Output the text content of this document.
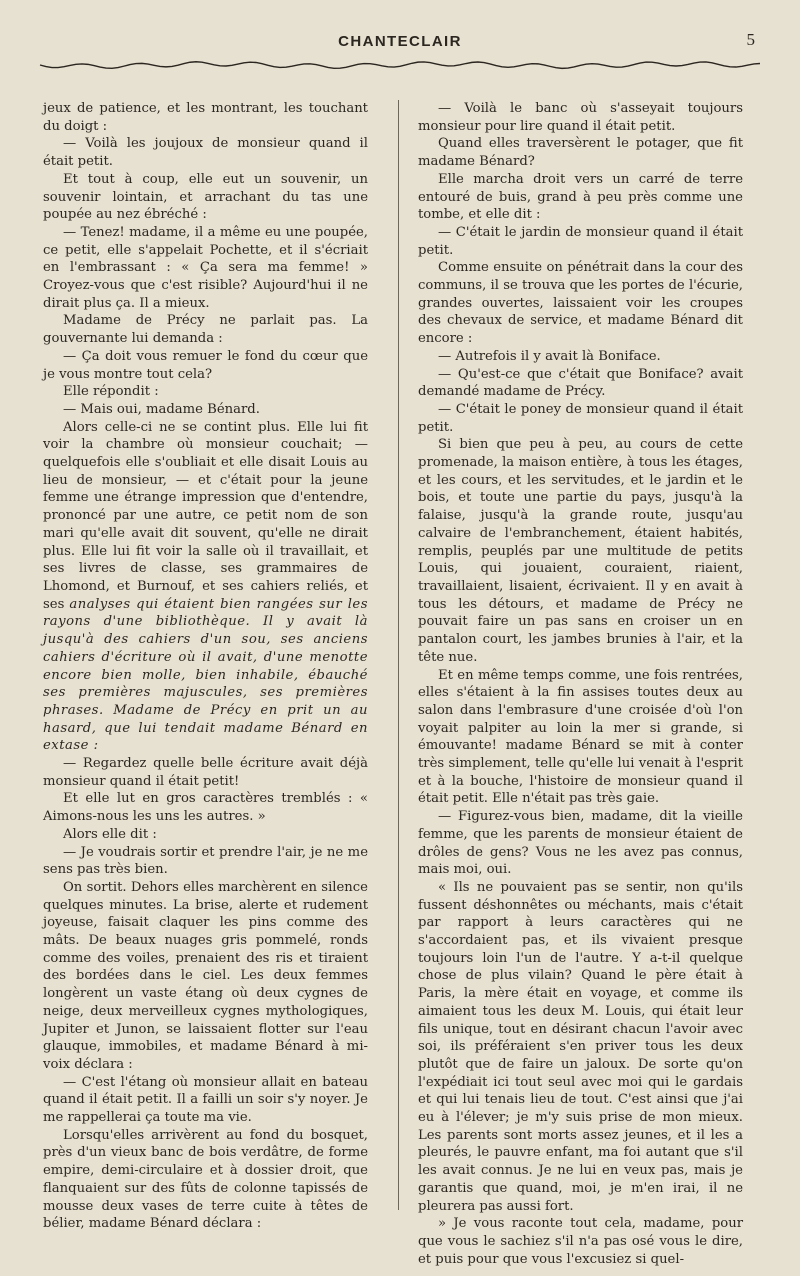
CHANTECLAIR	5

jeux de patience, et les montrant, les touchant du doigt :

— Voilà les joujoux de monsieur quand il était petit.

Et tout à coup, elle eut un souvenir, un souvenir lointain, et arrachant du tas une poupée au nez ébréché :

— Tenez! madame, il a même eu une poupée, ce petit, elle s'appelait Pochette, et il s'écriait en l'embrassant : « Ça sera ma femme! » Croyez-vous que c'est risible? Aujourd'hui il ne dirait plus ça. Il a mieux.

Madame de Précy ne parlait pas. La gouvernante lui demanda :

— Ça doit vous remuer le fond du cœur que je vous montre tout cela?

Elle répondit :

— Mais oui, madame Bénard.

Alors celle-ci ne se contint plus. Elle lui fit voir la chambre où monsieur couchait; — quelquefois elle s'oubliait et elle disait Louis au lieu de monsieur, — et c'était pour la jeune femme une étrange impression que d'entendre, prononcé par une autre, ce petit nom de son mari qu'elle avait dit souvent, qu'elle ne dirait plus. Elle lui fit voir la salle où il travaillait, et ses livres de classe, ses grammaires de Lhomond, et Burnouf, et ses cahiers reliés, et ses analyses qui étaient bien rangées sur les rayons d'une bibliothèque. Il y avait là jusqu'à des cahiers d'un sou, ses anciens cahiers d'écriture où il avait, d'une menotte encore bien molle, bien inhabile, ébauché ses premières majuscules, ses premières phrases. Madame de Précy en prit un au hasard, que lui tendait madame Bénard en extase :

— Regardez quelle belle écriture avait déjà monsieur quand il était petit!

Et elle lut en gros caractères tremblés : « Aimons-nous les uns les autres. »

Alors elle dit :

— Je voudrais sortir et prendre l'air, je ne me sens pas très bien.

On sortit. Dehors elles marchèrent en silence quelques minutes. La brise, alerte et rudement joyeuse, faisait claquer les pins comme des mâts. De beaux nuages gris pommelé, ronds comme des voiles, prenaient des ris et tiraient des bordées dans le ciel. Les deux femmes longèrent un vaste étang où deux cygnes de neige, deux merveilleux cygnes mythologiques, Jupiter et Junon, se laissaient flotter sur l'eau glauque, immobiles, et madame Bénard à mi-voix déclara :

— C'est l'étang où monsieur allait en bateau quand il était petit. Il a failli un soir s'y noyer. Je me rappellerai ça toute ma vie.

Lorsqu'elles arrivèrent au fond du bosquet, près d'un vieux banc de bois verdâtre, de forme empire, demi-circulaire et à dossier droit, que flanquaient sur des fûts de colonne tapissés de mousse deux vases de terre cuite à têtes de bélier, madame Bénard déclara :

— Voilà le banc où s'asseyait toujours monsieur pour lire quand il était petit.

Quand elles traversèrent le potager, que fit madame Bénard?

Elle marcha droit vers un carré de terre entouré de buis, grand à peu près comme une tombe, et elle dit :

— C'était le jardin de monsieur quand il était petit.

Comme ensuite on pénétrait dans la cour des communs, il se trouva que les portes de l'écurie, grandes ouvertes, laissaient voir les croupes des chevaux de service, et madame Bénard dit encore :

— Autrefois il y avait là Boniface.

— Qu'est-ce que c'était que Boniface? avait demandé madame de Précy.

— C'était le poney de monsieur quand il était petit.

Si bien que peu à peu, au cours de cette promenade, la maison entière, à tous les étages, et les cours, et les servitudes, et le jardin et le bois, et toute une partie du pays, jusqu'à la falaise, jusqu'à la grande route, jusqu'au calvaire de l'embranchement, étaient habités, remplis, peuplés par une multitude de petits Louis, qui jouaient, couraient, riaient, travaillaient, lisaient, écrivaient. Il y en avait à tous les détours, et madame de Précy ne pouvait faire un pas sans en croiser un en pantalon court, les jambes brunies à l'air, et la tête nue.

Et en même temps comme, une fois rentrées, elles s'étaient à la fin assises toutes deux au salon dans l'embrasure d'une croisée d'où l'on voyait palpiter au loin la mer si grande, si émouvante! madame Bénard se mit à conter très simplement, telle qu'elle lui venait à l'esprit et à la bouche, l'histoire de monsieur quand il était petit. Elle n'était pas très gaie.

— Figurez-vous bien, madame, dit la vieille femme, que les parents de monsieur étaient de drôles de gens? Vous ne les avez pas connus, mais moi, oui.

« Ils ne pouvaient pas se sentir, non qu'ils fussent déshonnêtes ou méchants, mais c'était par rapport à leurs caractères qui ne s'accordaient pas, et ils vivaient presque toujours loin l'un de l'autre. Y a-t-il quelque chose de plus vilain? Quand le père était à Paris, la mère était en voyage, et comme ils aimaient tous les deux M. Louis, qui était leur fils unique, tout en désirant chacun l'avoir avec soi, ils préféraient s'en priver tous les deux plutôt que de faire un jaloux. De sorte qu'on l'expédiait ici tout seul avec moi qui le gardais et qui lui tenais lieu de tout. C'est ainsi que j'ai eu à l'élever; je m'y suis prise de mon mieux. Les parents sont morts assez jeunes, et il les a pleurés, le pauvre enfant, ma foi autant que s'il les avait connus. Je ne lui en veux pas, mais je garantis que quand, moi, je m'en irai, il ne pleurera pas aussi fort.

» Je vous raconte tout cela, madame, pour que vous le sachiez s'il n'a pas osé vous le dire, et puis pour que vous l'excusiez si quel-
